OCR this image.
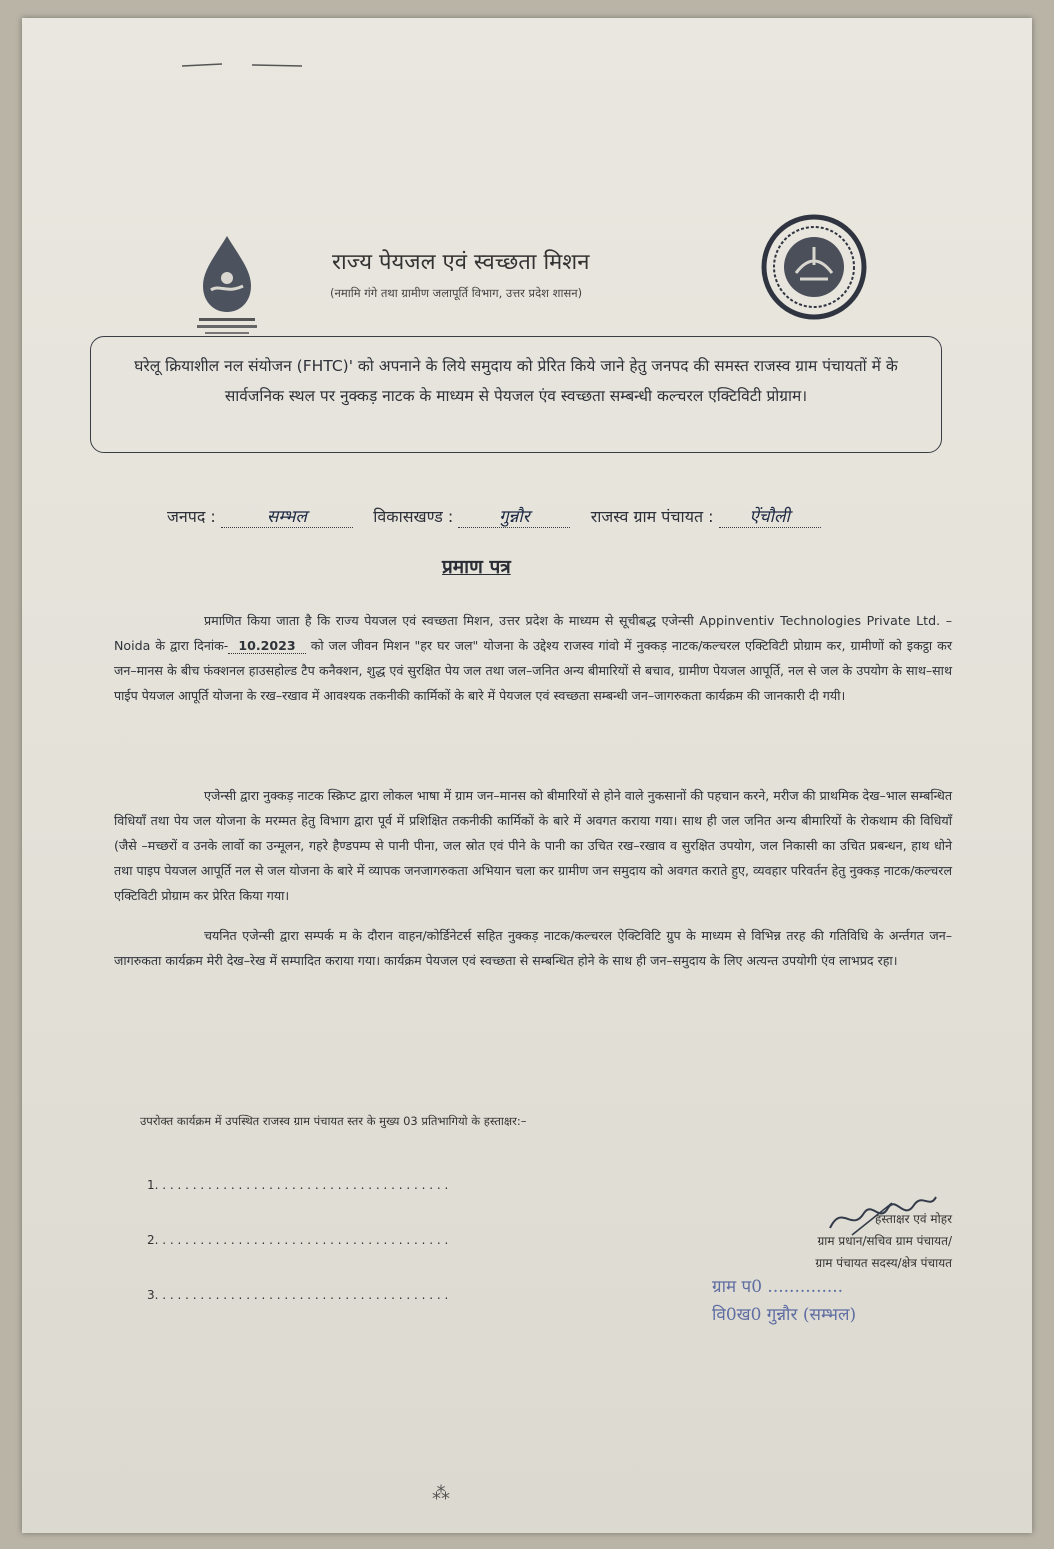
राज्य पेयजल एवं स्वच्छता मिशन
(नमामि गंगे तथा ग्रामीण जलापूर्ति विभाग, उत्तर प्रदेश शासन)
घरेलू क्रियाशील नल संयोजन (FHTC)' को अपनाने के लिये समुदाय को प्रेरित किये जाने हेतु जनपद की समस्त राजस्व ग्राम पंचायतों में के सार्वजनिक स्थल पर नुक्कड़ नाटक के माध्यम से पेयजल एंव स्वच्छता सम्बन्धी कल्चरल एक्टिविटी प्रोग्राम।
जनपद :	सम्भल	विकासखण्ड :	गुन्नौर	राजस्व ग्राम पंचायत : ऐंचौली
प्रमाण पत्र
प्रमाणित किया जाता है कि राज्य पेयजल एवं स्वच्छता मिशन, उत्तर प्रदेश के माध्यम से सूचीबद्ध एजेन्सी Appinventiv Technologies Private Ltd. – Noida के द्वारा दिनांक- 10.2023 को जल जीवन मिशन "हर घर जल" योजना के उद्देश्य राजस्व गांवो में नुक्कड़ नाटक/कल्चरल एक्टिविटी प्रोग्राम कर, ग्रामीणों को इकट्ठा कर जन–मानस के बीच फंक्शनल हाउसहोल्ड टैप कनैक्शन, शुद्ध एवं सुरक्षित पेय जल तथा जल–जनित अन्य बीमारियों से बचाव, ग्रामीण पेयजल आपूर्ति, नल से जल के उपयोग के साथ–साथ पाईप पेयजल आपूर्ति योजना के रख–रखाव में आवश्यक तकनीकी कार्मिकों के बारे में पेयजल एवं स्वच्छता सम्बन्धी जन–जागरुकता कार्यक्रम की जानकारी दी गयी।
एजेन्सी द्वारा नुक्कड़ नाटक स्क्रिप्ट द्वारा लोकल भाषा में ग्राम जन–मानस को बीमारियों से होने वाले नुकसानों की पहचान करने, मरीज की प्राथमिक देख–भाल सम्बन्धित विधियाँ तथा पेय जल योजना के मरम्मत हेतु विभाग द्वारा पूर्व में प्रशिक्षित तकनीकी कार्मिकों के बारे में अवगत कराया गया। साथ ही जल जनित अन्य बीमारियों के रोकथाम की विधियाँ (जैसे –मच्छरों व उनके लार्वो का उन्मूलन, गहरे हैण्डपम्प से पानी पीना, जल स्रोत एवं पीने के पानी का उचित रख–रखाव व सुरक्षित उपयोग, जल निकासी का उचित प्रबन्धन, हाथ धोने तथा पाइप पेयजल आपूर्ति नल से जल योजना के बारे में व्यापक जनजागरुकता अभियान चला कर ग्रामीण जन समुदाय को अवगत कराते हुए, व्यवहार परिवर्तन हेतु नुक्कड़ नाटक/कल्चरल एक्टिविटी प्रोग्राम कर प्रेरित किया गया।
चयनित एजेन्सी द्वारा सम्पर्क म के दौरान वाहन/कोर्डिनेटर्स सहित नुक्कड़ नाटक/कल्चरल ऐक्टिविटि ग्रुप के माध्यम से विभिन्न तरह की गतिविधि के अर्न्तगत जन–जागरुकता कार्यक्रम मेरी देख–रेख में सम्पादित कराया गया। कार्यक्रम पेयजल एवं स्वच्छता से सम्बन्धित होने के साथ ही जन–समुदाय के लिए अत्यन्त उपयोगी एंव लाभप्रद रहा।
उपरोक्त कार्यक्रम में उपस्थित राजस्व ग्राम पंचायत स्तर के मुख्य 03 प्रतिभागियो के हस्ताक्षर:–
1. . . . . . . . . . . . . . . . . . . . . . . . . . . . . . . . . . . . . . .
2. . . . . . . . . . . . . . . . . . . . . . . . . . . . . . . . . . . . . . .
3. . . . . . . . . . . . . . . . . . . . . . . . . . . . . . . . . . . . . . .
हस्ताक्षर एवं मोहर
ग्राम प्रधान/सचिव ग्राम पंचायत/
ग्राम पंचायत सदस्य/क्षेत्र पंचायत
ग्राम प0 ..............
वि0ख0 गुन्नौर (सम्भल)
⁂
